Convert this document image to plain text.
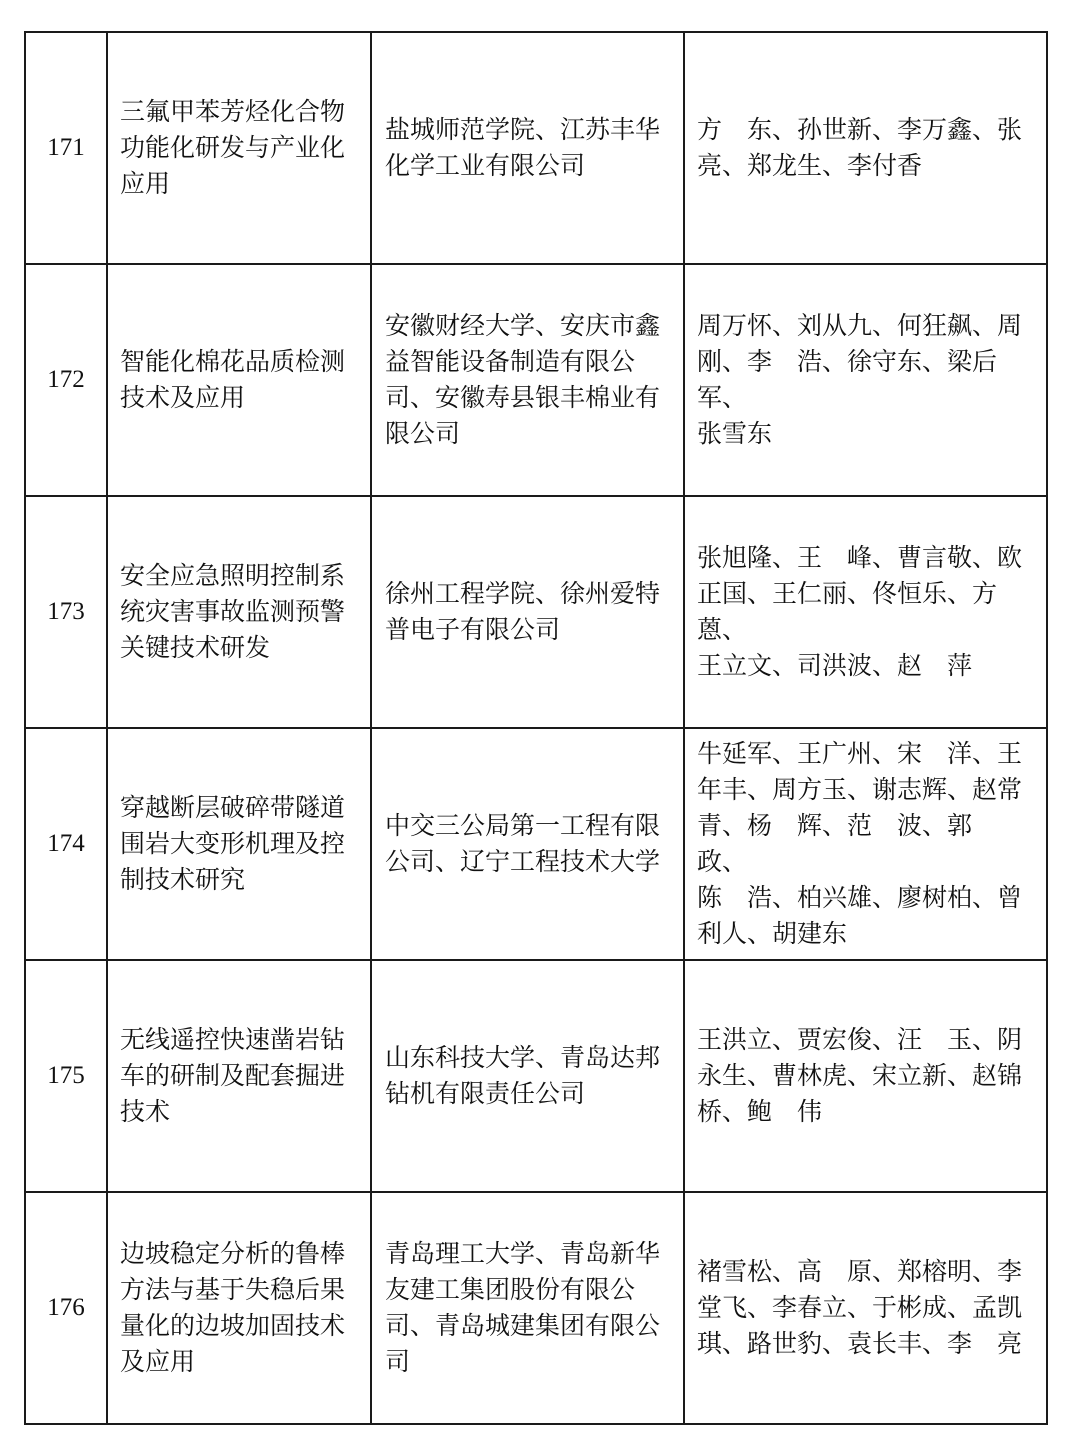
171	三氟甲苯芳烃化合物
功能化研发与产业化
应用	盐城师范学院、江苏丰华
化学工业有限公司	方　东、孙世新、李万鑫、张
亮、郑龙生、李付香

172	智能化棉花品质检测
技术及应用	安徽财经大学、安庆市鑫
益智能设备制造有限公
司、安徽寿县银丰棉业有
限公司	周万怀、刘从九、何狂飙、周
刚、李　浩、徐守东、梁后军、
张雪东

173	安全应急照明控制系
统灾害事故监测预警
关键技术研发	徐州工程学院、徐州爱特
普电子有限公司	张旭隆、王　峰、曹言敬、欧
正国、王仁丽、佟恒乐、方　蒽、
王立文、司洪波、赵　萍

174	穿越断层破碎带隧道
围岩大变形机理及控
制技术研究	中交三公局第一工程有限
公司、辽宁工程技术大学	牛延军、王广州、宋　洋、王
年丰、周方玉、谢志辉、赵常
青、杨　辉、范　波、郭　政、
陈　浩、柏兴雄、廖树柏、曾
利人、胡建东

175	无线遥控快速凿岩钻
车的研制及配套掘进
技术	山东科技大学、青岛达邦
钻机有限责任公司	王洪立、贾宏俊、汪　玉、阴
永生、曹林虎、宋立新、赵锦
桥、鲍　伟

176	边坡稳定分析的鲁棒
方法与基于失稳后果
量化的边坡加固技术
及应用	青岛理工大学、青岛新华
友建工集团股份有限公
司、青岛城建集团有限公
司	褚雪松、高　原、郑榕明、李
堂飞、李春立、于彬成、孟凯
琪、路世豹、袁长丰、李　亮
